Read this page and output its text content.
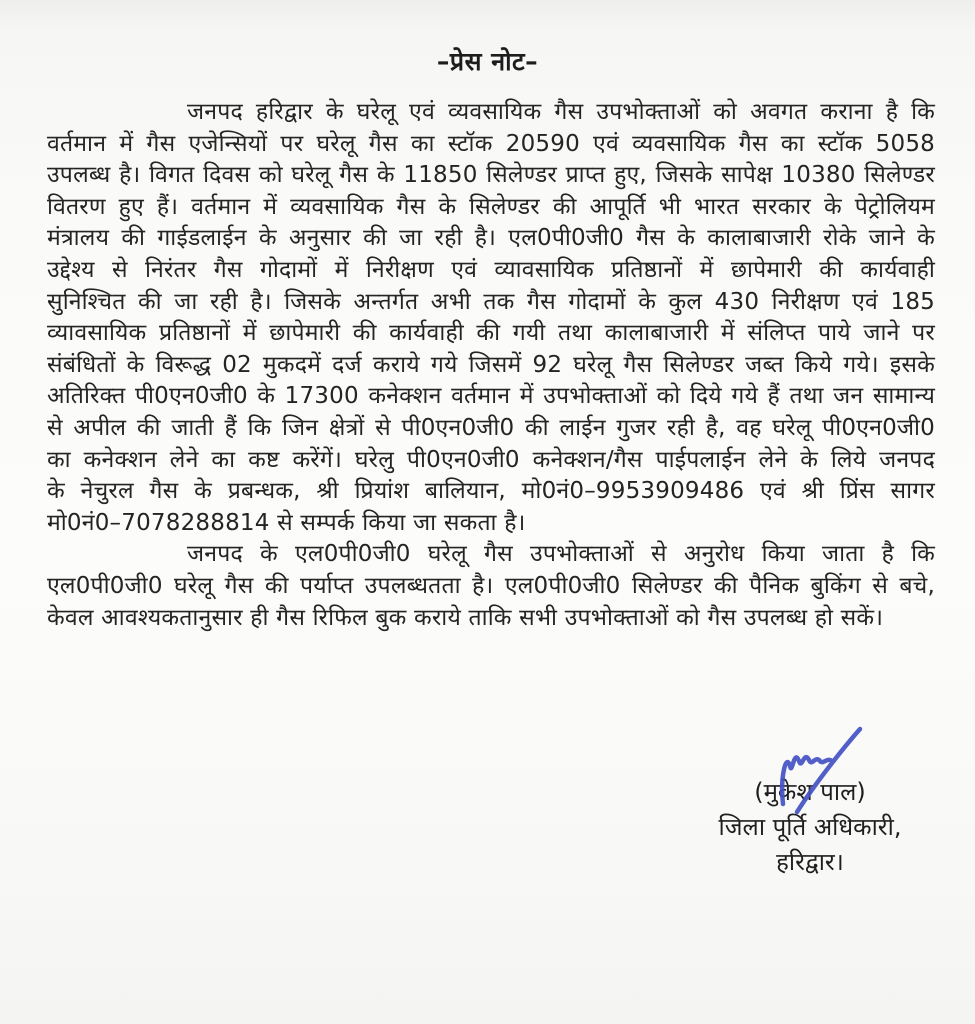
–प्रेस नोट–
जनपद हरिद्वार के घरेलू एवं व्यवसायिक गैस उपभोक्ताओं को अवगत कराना है कि
वर्तमान में गैस एजेन्सियों पर घरेलू गैस का स्टॉक 20590 एवं व्यवसायिक गैस का स्टॉक 5058
उपलब्ध है। विगत दिवस को घरेलू गैस के 11850 सिलेण्डर प्राप्त हुए, जिसके सापेक्ष 10380 सिलेण्डर
वितरण हुए हैं। वर्तमान में व्यवसायिक गैस के सिलेण्डर की आपूर्ति भी भारत सरकार के पेट्रोलियम
मंत्रालय की गाईडलाईन के अनुसार की जा रही है। एल0पी0जी0 गैस के कालाबाजारी रोके जाने के
उद्देश्य से निरंतर गैस गोदामों में निरीक्षण एवं व्यावसायिक प्रतिष्ठानों में छापेमारी की कार्यवाही
सुनिश्चित की जा रही है। जिसके अन्तर्गत अभी तक गैस गोदामों के कुल 430 निरीक्षण एवं 185
व्यावसायिक प्रतिष्ठानों में छापेमारी की कार्यवाही की गयी तथा कालाबाजारी में संलिप्त पाये जाने पर
संबंधितों के विरूद्ध 02 मुकदमें दर्ज कराये गये जिसमें 92 घरेलू गैस सिलेण्डर जब्त किये गये। इसके
अतिरिक्त पी0एन0जी0 के 17300 कनेक्शन वर्तमान में उपभोक्ताओं को दिये गये हैं तथा जन सामान्य
से अपील की जाती हैं कि जिन क्षेत्रों से पी0एन0जी0 की लाईन गुजर रही है, वह घरेलू पी0एन0जी0
का कनेक्शन लेने का कष्ट करेंगें। घरेलु पी0एन0जी0 कनेक्शन/गैस पाईपलाईन लेने के लिये जनपद
के नेचुरल गैस के प्रबन्धक, श्री प्रियांश बालियान, मो0नं0–9953909486 एवं श्री प्रिंस सागर
मो0नं0–7078288814 से सम्पर्क किया जा सकता है।
जनपद के एल0पी0जी0 घरेलू गैस उपभोक्ताओं से अनुरोध किया जाता है कि
एल0पी0जी0 घरेलू गैस की पर्याप्त उपलब्धतता है। एल0पी0जी0 सिलेण्डर की पैनिक बुकिंग से बचे,
केवल आवश्यकतानुसार ही गैस रिफिल बुक कराये ताकि सभी उपभोक्ताओं को गैस उपलब्ध हो सकें।
(मुकेश पाल)
जिला पूर्ति अधिकारी,
हरिद्वार।
